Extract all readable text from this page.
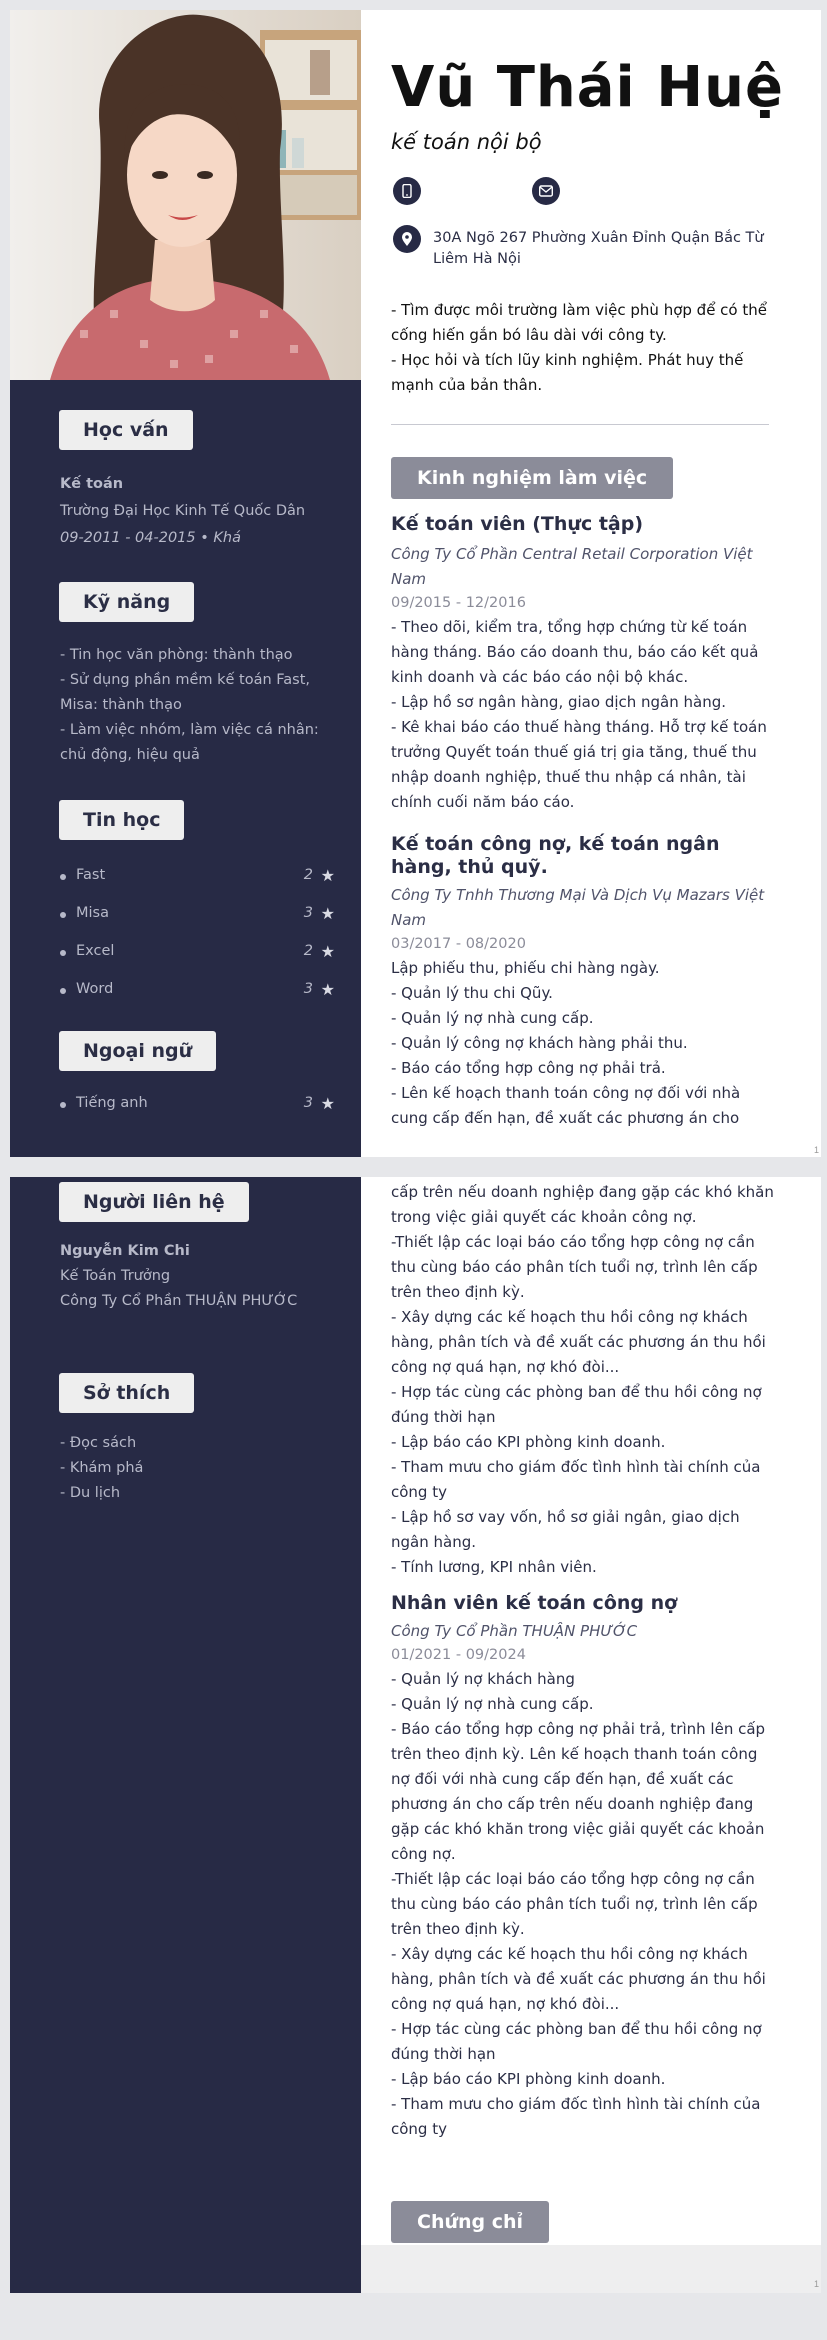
Học vấn
Kế toán
Trường Đại Học Kinh Tế Quốc Dân
09-2011 - 04-2015 • Khá
Kỹ năng
- Tin học văn phòng: thành thạo
- Sử dụng phần mềm kế toán Fast, Misa: thành thạo
- Làm việc nhóm, làm việc cá nhân: chủ động, hiệu quả
Tin học
Fast	2 ★
Misa	3 ★
Excel	2 ★
Word	3 ★
Ngoại ngữ
Tiếng anh	3 ★
Vũ Thái Huệ
kế toán nội bộ
30A Ngõ 267 Phường Xuân Đỉnh Quận Bắc Từ Liêm Hà Nội
- Tìm được môi trường làm việc phù hợp để có thể cống hiến gắn bó lâu dài với công ty.
- Học hỏi và tích lũy kinh nghiệm. Phát huy thế mạnh của bản thân.
Kinh nghiệm làm việc
Kế toán viên (Thực tập)
Công Ty Cổ Phần Central Retail Corporation Việt Nam
09/2015 - 12/2016
- Theo dõi, kiểm tra, tổng hợp chứng từ kế toán hàng tháng. Báo cáo doanh thu, báo cáo kết quả kinh doanh và các báo cáo nội bộ khác.
- Lập hồ sơ ngân hàng, giao dịch ngân hàng.
- Kê khai báo cáo thuế hàng tháng. Hỗ trợ kế toán trưởng Quyết toán thuế giá trị gia tăng, thuế thu nhập doanh nghiệp, thuế thu nhập cá nhân, tài chính cuối năm báo cáo.
Kế toán công nợ, kế toán ngân hàng, thủ quỹ.
Công Ty Tnhh Thương Mại Và Dịch Vụ Mazars Việt Nam
03/2017 - 08/2020
Lập phiếu thu, phiếu chi hàng ngày.
- Quản lý thu chi Qũy.
- Quản lý nợ nhà cung cấp.
- Quản lý công nợ khách hàng phải thu.
- Báo cáo tổng hợp công nợ phải trả.
- Lên kế hoạch thanh toán công nợ đối với nhà cung cấp đến hạn, đề xuất các phương án cho
1
Người liên hệ
Nguyễn Kim Chi
Kế Toán Trưởng
Công Ty Cổ Phần THUẬN PHƯỚC
Sở thích
- Đọc sách
- Khám phá
- Du lịch
cấp trên nếu doanh nghiệp đang gặp các khó khăn trong việc giải quyết các khoản công nợ.
-Thiết lập các loại báo cáo tổng hợp công nợ cần thu cùng báo cáo phân tích tuổi nợ, trình lên cấp trên theo định kỳ.
- Xây dựng các kế hoạch thu hồi công nợ khách hàng, phân tích và đề xuất các phương án thu hồi công nợ quá hạn, nợ khó đòi...
- Hợp tác cùng các phòng ban để thu hồi công nợ đúng thời hạn
- Lập báo cáo KPI phòng kinh doanh.
- Tham mưu cho giám đốc tình hình tài chính của công ty
- Lập hồ sơ vay vốn, hồ sơ giải ngân, giao dịch ngân hàng.
- Tính lương, KPI nhân viên.
Nhân viên kế toán công nợ
Công Ty Cổ Phần THUẬN PHƯỚC
01/2021 - 09/2024
- Quản lý nợ khách hàng
- Quản lý nợ nhà cung cấp.
- Báo cáo tổng hợp công nợ phải trả, trình lên cấp trên theo định kỳ. Lên kế hoạch thanh toán công nợ đối với nhà cung cấp đến hạn, đề xuất các phương án cho cấp trên nếu doanh nghiệp đang gặp các khó khăn trong việc giải quyết các khoản công nợ.
-Thiết lập các loại báo cáo tổng hợp công nợ cần thu cùng báo cáo phân tích tuổi nợ, trình lên cấp trên theo định kỳ.
- Xây dựng các kế hoạch thu hồi công nợ khách hàng, phân tích và đề xuất các phương án thu hồi công nợ quá hạn, nợ khó đòi...
- Hợp tác cùng các phòng ban để thu hồi công nợ đúng thời hạn
- Lập báo cáo KPI phòng kinh doanh.
- Tham mưu cho giám đốc tình hình tài chính của công ty
Chứng chỉ
1
